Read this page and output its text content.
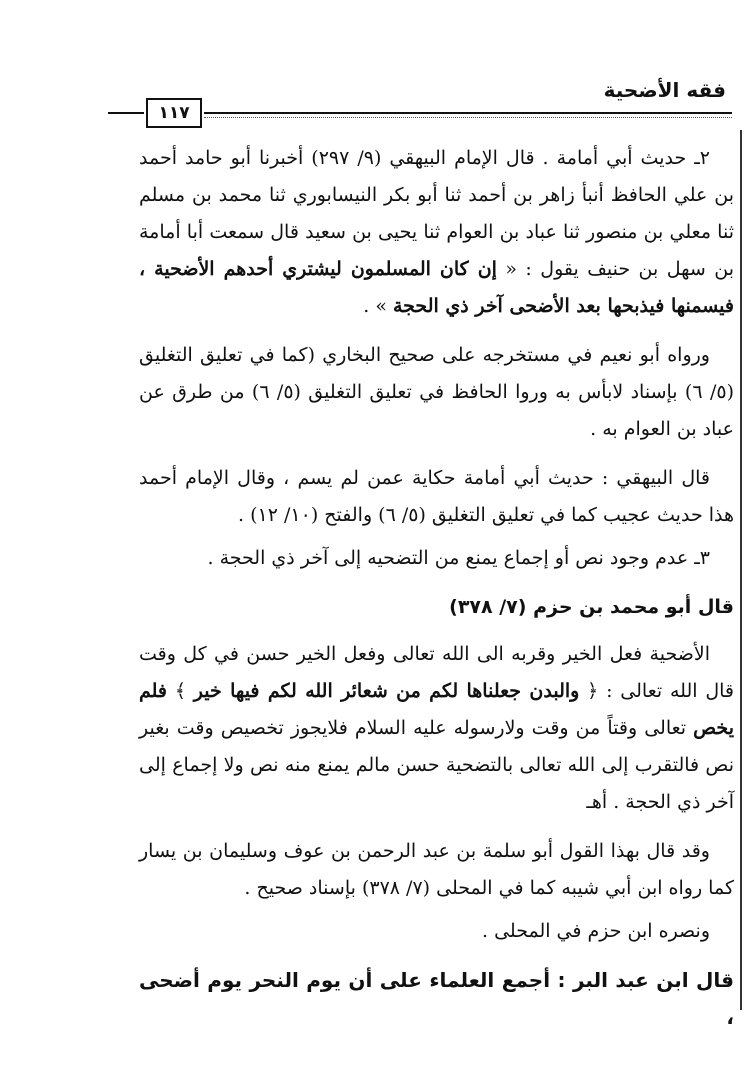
فقه الأضحية
١١٧

٢ـ حديث أبي أمامة . قال الإمام البيهقي (٩/ ٢٩٧) أخبرنا أبو حامد أحمد بن علي الحافظ أنبأ زاهر بن أحمد ثنا أبو بكر النيسابوري ثنا محمد بن مسلم ثنا معلي بن منصور ثنا عباد بن العوام ثنا يحيى بن سعيد قال سمعت أبا أمامة بن سهل بن حنيف يقول : « إن كان المسلمون ليشتري أحدهم الأضحية ، فيسمنها فيذبحها بعد الأضحى آخر ذي الحجة » .

ورواه أبو نعيم في مستخرجه على صحيح البخاري (كما في تعليق التغليق (٥/ ٦) بإسناد لابأس به وروا الحافظ في تعليق التغليق (٥/ ٦) من طرق عن عباد بن العوام به .

قال البيهقي : حديث أبي أمامة حكاية عمن لم يسم ، وقال الإمام أحمد هذا حديث عجيب كما في تعليق التغليق (٥/ ٦) والفتح (١٠/ ١٢) .

٣ـ عدم وجود نص أو إجماع يمنع من التضحيه إلى آخر ذي الحجة .

قال أبو محمد بن حزم (٧/ ٣٧٨)

الأضحية فعل الخير وقربه الى الله تعالى وفعل الخير حسن في كل وقت قال الله تعالى : ﴿ والبدن جعلناها لكم من شعائر الله لكم فيها خير ﴾ فلم يخص تعالى وقتاً من وقت ولارسوله عليه السلام فلايجوز تخصيص وقت بغير نص فالتقرب إلى الله تعالى بالتضحية حسن مالم يمنع منه نص ولا إجماع إلى آخر ذي الحجة . أهـ

وقد قال بهذا القول أبو سلمة بن عبد الرحمن بن عوف وسليمان بن يسار كما رواه ابن أبي شيبه كما في المحلى (٧/ ٣٧٨) بإسناد صحيح .

ونصره ابن حزم في المحلى .

قال ابن عبد البر : أجمع العلماء على أن يوم النحر يوم أضحى ،
